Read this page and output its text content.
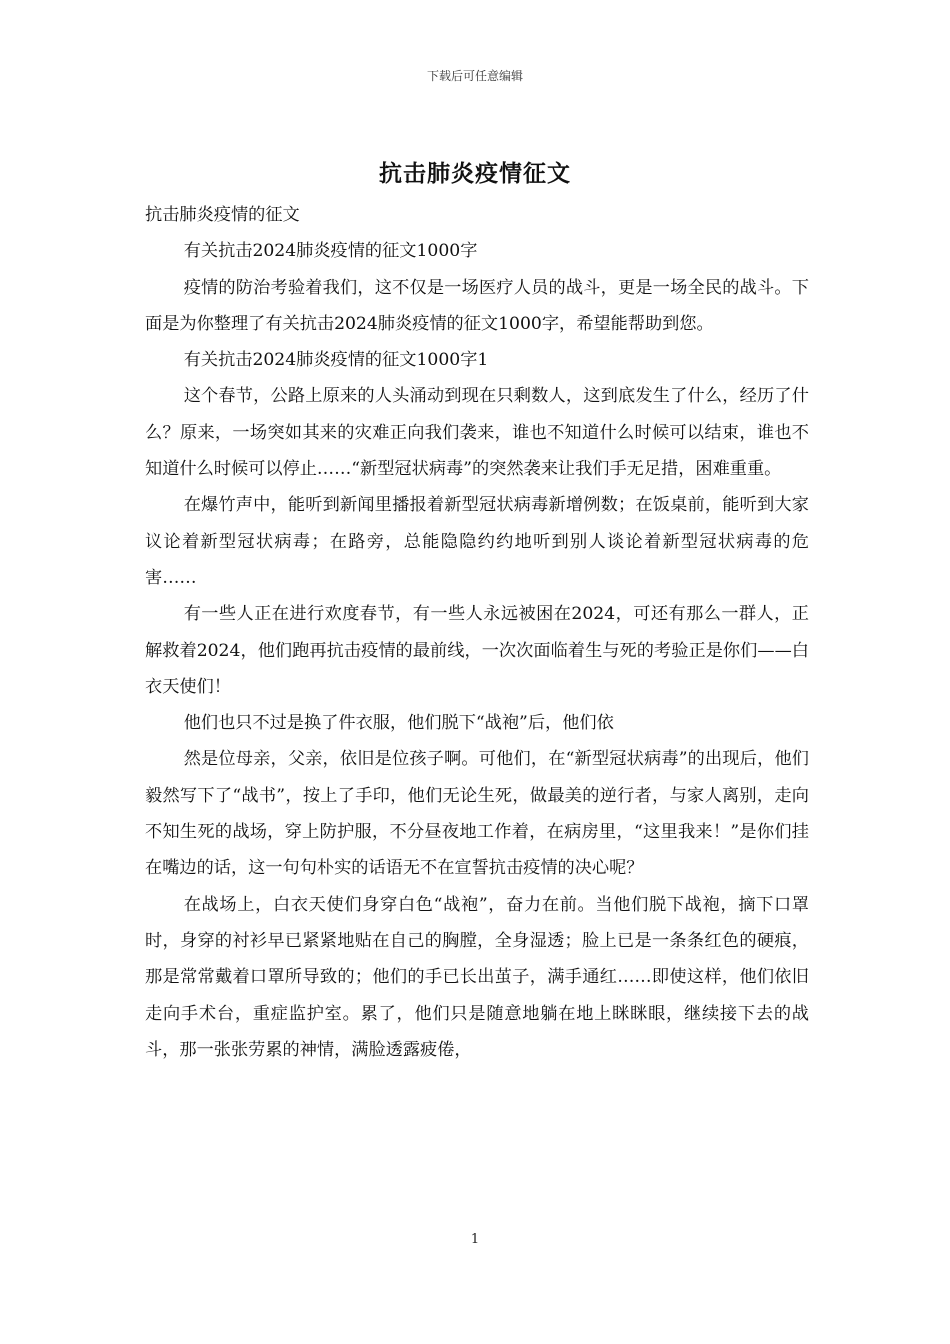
下载后可任意编辑
抗击肺炎疫情征文

抗击肺炎疫情的征文

有关抗击2024肺炎疫情的征文1000字

疫情的防治考验着我们，这不仅是一场医疗人员的战斗，更是一场全民的战斗。下面是为你整理了有关抗击2024肺炎疫情的征文1000字，希望能帮助到您。

有关抗击2024肺炎疫情的征文1000字1

这个春节，公路上原来的人头涌动到现在只剩数人，这到底发生了什么，经历了什么？原来，一场突如其来的灾难正向我们袭来，谁也不知道什么时候可以结束，谁也不知道什么时候可以停止……“新型冠状病毒”的突然袭来让我们手无足措，困难重重。

在爆竹声中，能听到新闻里播报着新型冠状病毒新增例数；在饭桌前，能听到大家议论着新型冠状病毒；在路旁，总能隐隐约约地听到别人谈论着新型冠状病毒的危害……

有一些人正在进行欢度春节，有一些人永远被困在2024，可还有那么一群人，正解救着2024，他们跑再抗击疫情的最前线，一次次面临着生与死的考验正是你们——白衣天使们！

他们也只不过是换了件衣服，他们脱下“战袍”后，他们依

然是位母亲，父亲，依旧是位孩子啊。可他们，在“新型冠状病毒”的出现后，他们毅然写下了“战书”，按上了手印，他们无论生死，做最美的逆行者，与家人离别，走向不知生死的战场，穿上防护服，不分昼夜地工作着，在病房里，“这里我来！”是你们挂在嘴边的话，这一句句朴实的话语无不在宣誓抗击疫情的决心呢？

在战场上，白衣天使们身穿白色“战袍”，奋力在前。当他们脱下战袍，摘下口罩时，身穿的衬衫早已紧紧地贴在自己的胸膛，全身湿透；脸上已是一条条红色的硬痕，那是常常戴着口罩所导致的；他们的手已长出茧子，满手通红……即使这样，他们依旧走向手术台，重症监护室。累了，他们只是随意地躺在地上眯眯眼，继续接下去的战斗，那一张张劳累的神情，满脸透露疲倦，

1
